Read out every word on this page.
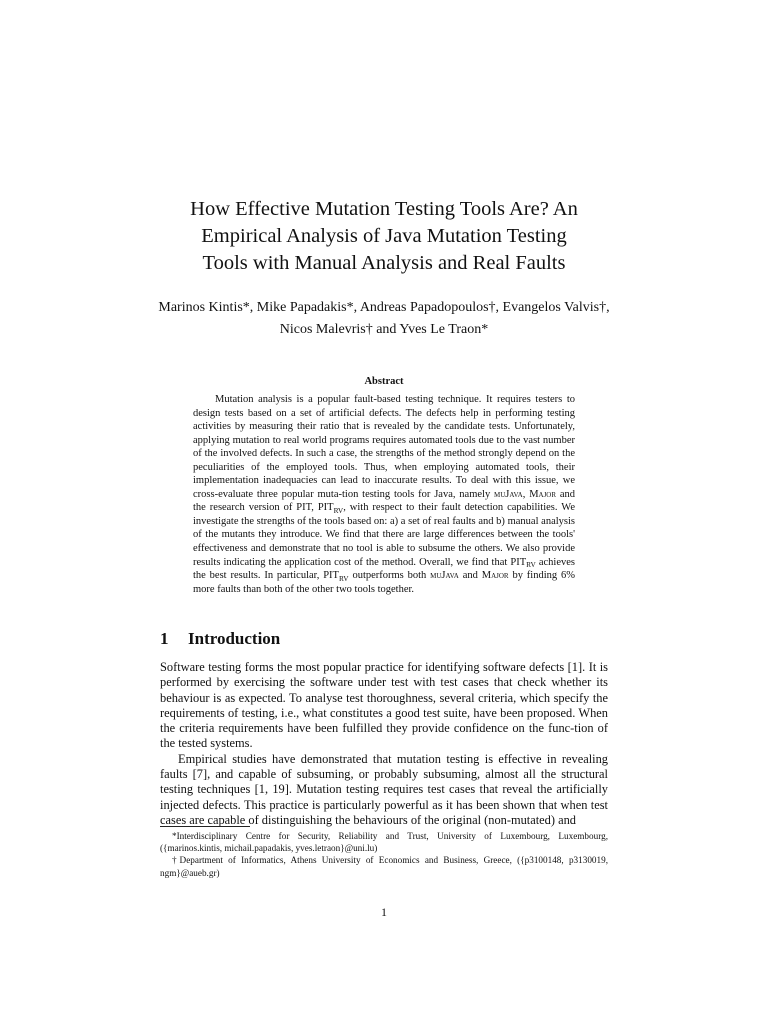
How Effective Mutation Testing Tools Are? An
Empirical Analysis of Java Mutation Testing
Tools with Manual Analysis and Real Faults
Marinos Kintis*, Mike Papadakis*, Andreas Papadopoulos†, Evangelos Valvis†,
Nicos Malevris† and Yves Le Traon*
Abstract

Mutation analysis is a popular fault-based testing technique. It requires testers to design tests based on a set of artificial defects. The defects help in performing testing activities by measuring their ratio that is revealed by the candidate tests. Unfortunately, applying mutation to real world programs requires automated tools due to the vast number of the involved defects. In such a case, the strengths of the method strongly depend on the peculiarities of the employed tools. Thus, when employing automated tools, their implementation inadequacies can lead to inaccurate results. To deal with this issue, we cross-evaluate three popular muta-tion testing tools for Java, namely muJava, Major and the research version of PIT, $PIT_{RV}$, with respect to their fault detection capabilities. We investigate the strengths of the tools based on: a) a set of real faults and b) manual analysis of the mutants they introduce. We find that there are large differences between the tools' effectiveness and demonstrate that no tool is able to subsume the others. We also provide results indicating the application cost of the method. Overall, we find that $PIT_{RV}$ achieves the best results. In particular, $PIT_{RV}$ outperforms both muJava and Major by finding 6% more faults than both of the other two tools together.

1 Introduction

Software testing forms the most popular practice for identifying software defects [1]. It is performed by exercising the software under test with test cases that check whether its behaviour is as expected. To analyse test thoroughness, several criteria, which specify the requirements of testing, i.e., what constitutes a good test suite, have been proposed. When the criteria requirements have been fulfilled they provide confidence on the func-tion of the tested systems.

Empirical studies have demonstrated that mutation testing is effective in revealing faults [7], and capable of subsuming, or probably subsuming, almost all the structural testing techniques [1, 19]. Mutation testing requires test cases that reveal the artificially injected defects. This practice is particularly powerful as it has been shown that when test cases are capable of distinguishing the behaviours of the original (non-mutated) and

*Interdisciplinary Centre for Security, Reliability and Trust, University of Luxembourg, Luxembourg, ({marinos.kintis, michail.papadakis, yves.letraon}@uni.lu)

†Department of Informatics, Athens University of Economics and Business, Greece, ({p3100148, p3130019, ngm}@aueb.gr)

1
